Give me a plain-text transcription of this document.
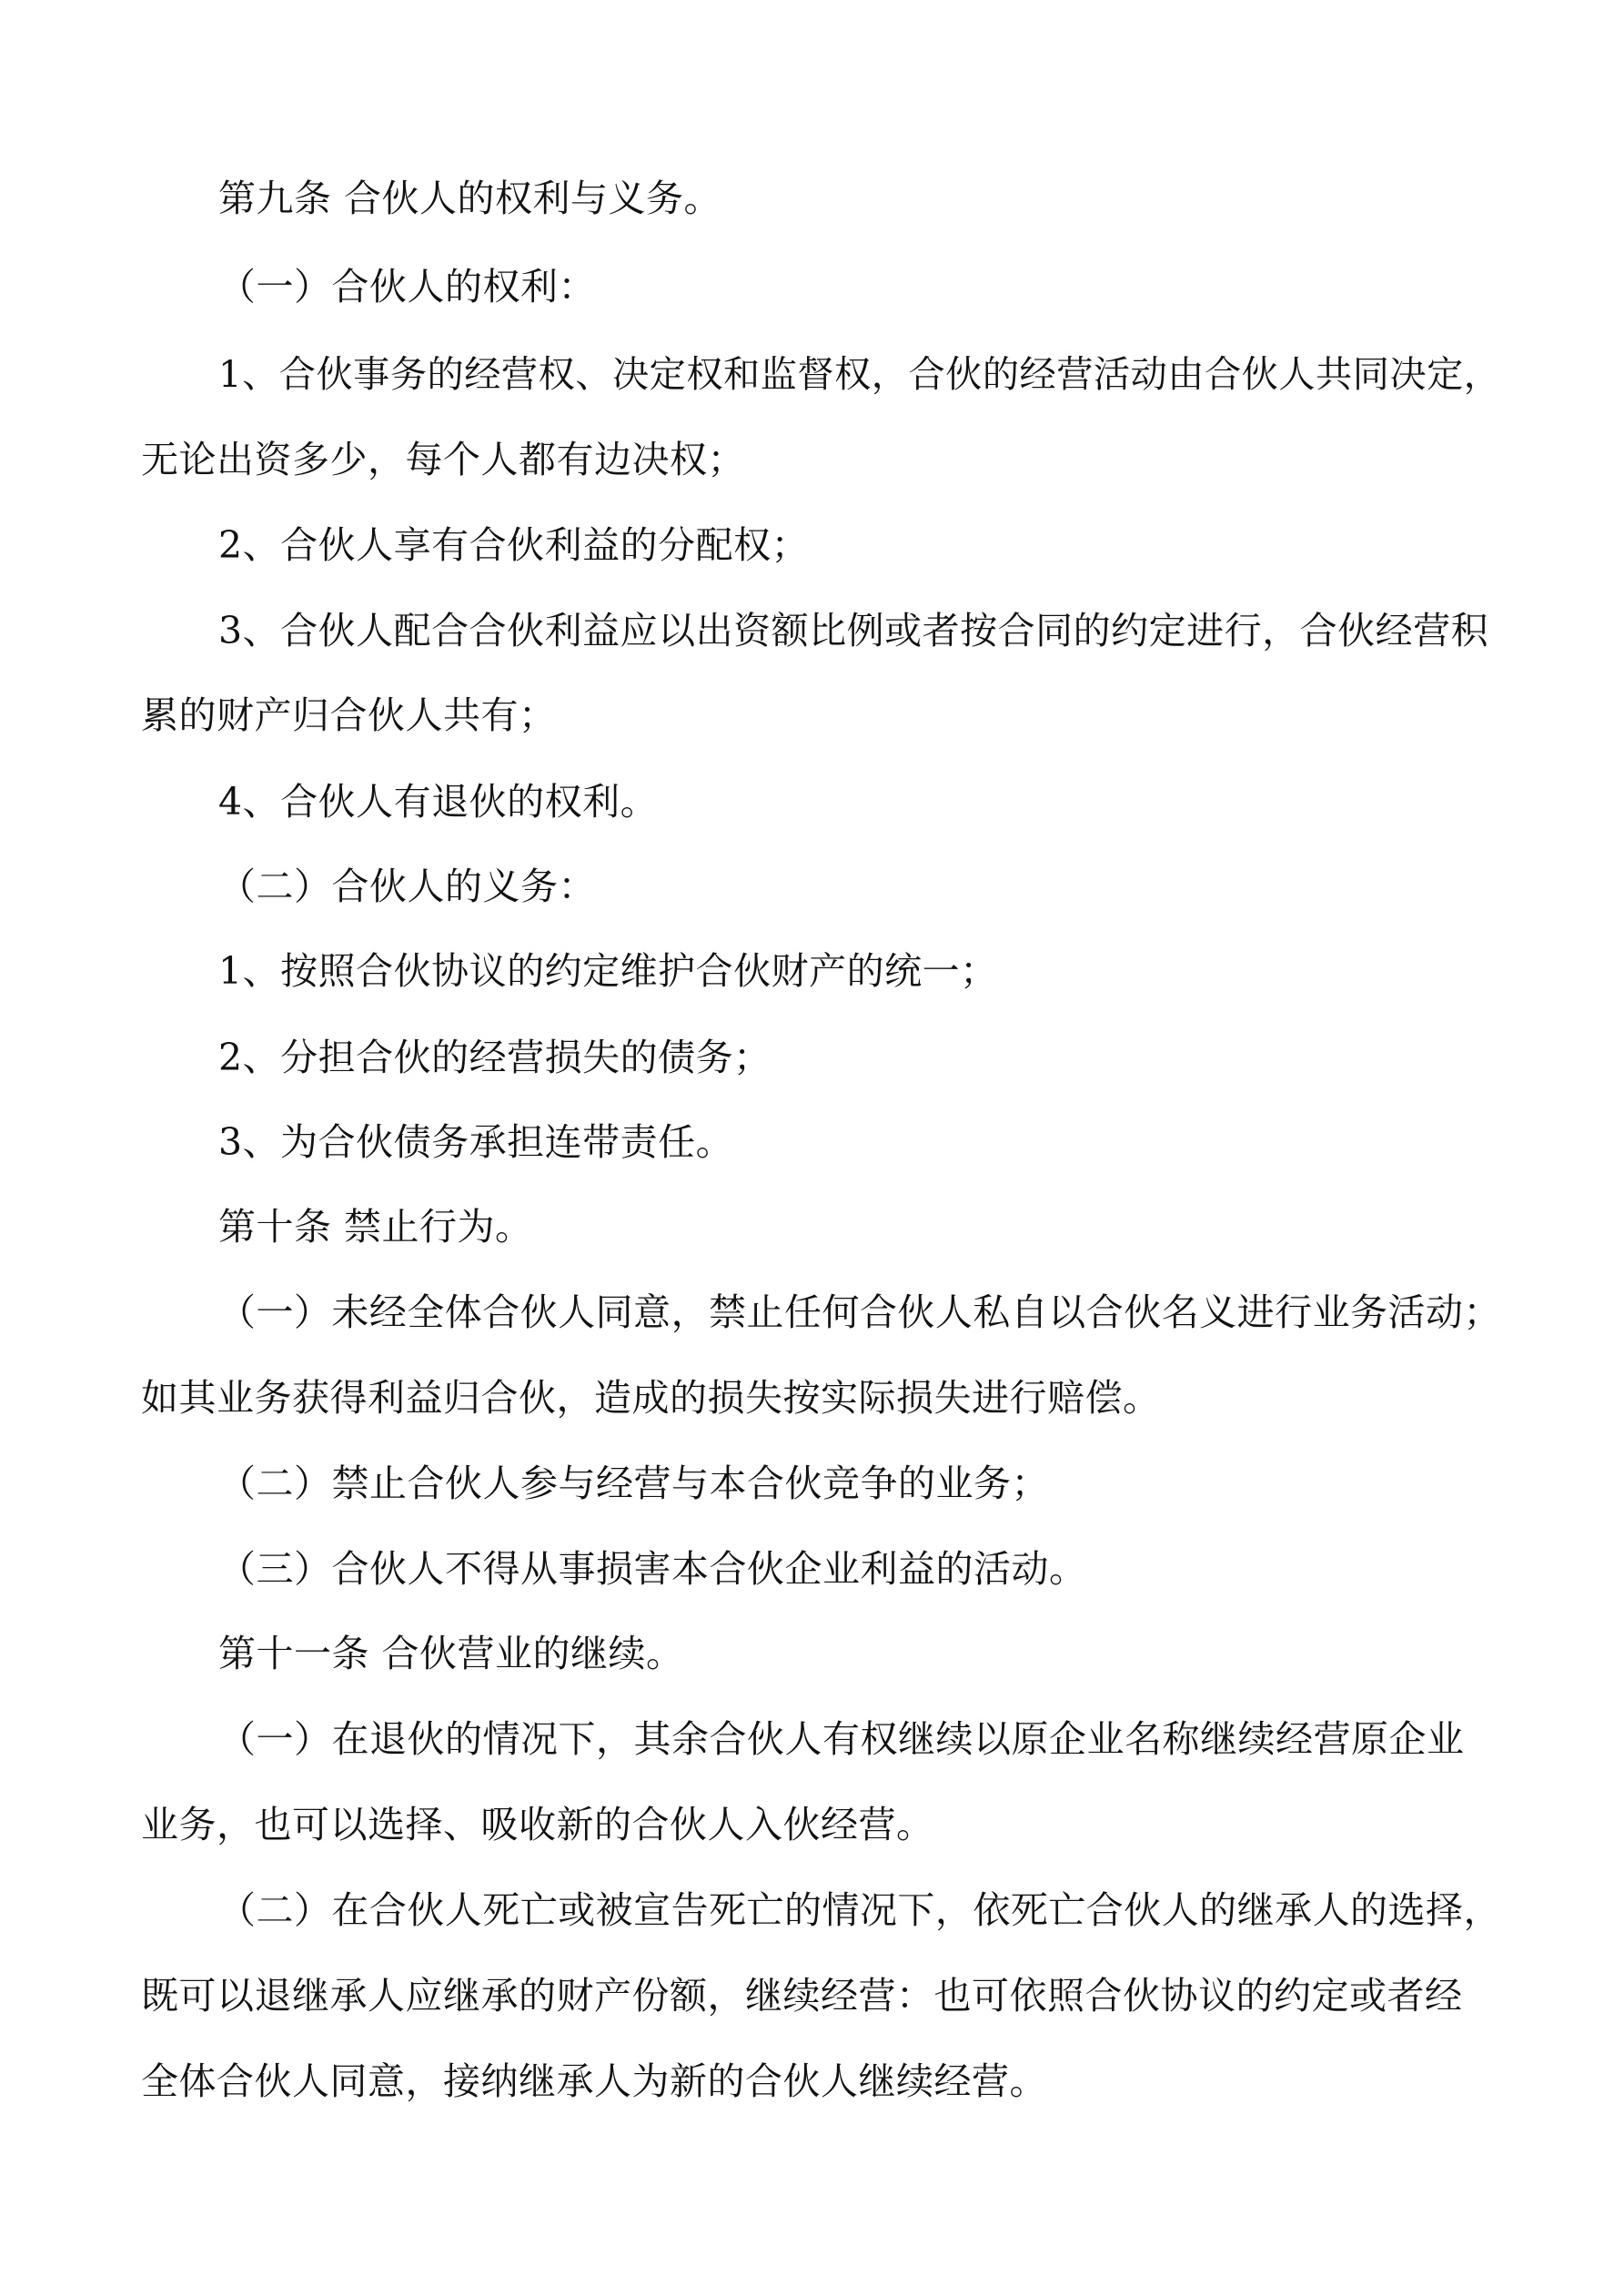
第九条 合伙人的权利与义务。

（一）合伙人的权利：

1、合伙事务的经营权、决定权和监督权，合伙的经营活动由合伙人共同决定，

无论出资多少，每个人都有边决权；

2、合伙人享有合伙利益的分配权；

3、合伙人配合合伙利益应以出资额比例或者按合同的约定进行，合伙经营积

累的财产归合伙人共有；

4、合伙人有退伙的权利。

（二）合伙人的义务：

1、按照合伙协议的约定维护合伙财产的统一；

2、分担合伙的经营损失的债务；

3、为合伙债务承担连带责任。

第十条 禁止行为。

（一）未经全体合伙人同意，禁止任何合伙人私自以合伙名义进行业务活动；

如其业务获得利益归合伙，造成的损失按实际损失进行赔偿。

（二）禁止合伙人参与经营与本合伙竞争的业务；

（三）合伙人不得从事损害本合伙企业利益的活动。

第十一条 合伙营业的继续。

（一）在退伙的情况下，其余合伙人有权继续以原企业名称继续经营原企业

业务，也可以选择、吸收新的合伙人入伙经营。

（二）在合伙人死亡或被宣告死亡的情况下，依死亡合伙人的继承人的选择，

既可以退继承人应继承的财产份额，继续经营：也可依照合伙协议的约定或者经

全体合伙人同意，接纳继承人为新的合伙人继续经营。
